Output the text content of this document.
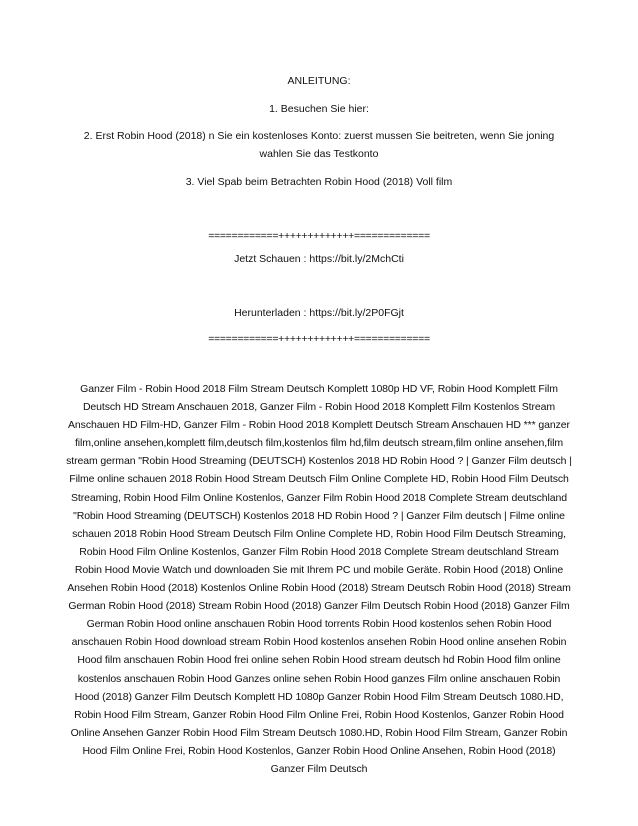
ANLEITUNG:
1. Besuchen Sie hier:
2. Erst Robin Hood (2018) n Sie ein kostenloses Konto: zuerst mussen Sie beitreten, wenn Sie joning wahlen Sie das Testkonto
3. Viel Spab beim Betrachten Robin Hood (2018) Voll film
============+++++++++++++=============
Jetzt Schauen : https://bit.ly/2MchCti
Herunterladen : https://bit.ly/2P0FGjt
============+++++++++++++=============
Ganzer Film - Robin Hood 2018 Film Stream Deutsch Komplett 1080p HD VF, Robin Hood Komplett Film Deutsch HD Stream Anschauen 2018, Ganzer Film - Robin Hood 2018 Komplett Film Kostenlos Stream Anschauen HD Film-HD, Ganzer Film - Robin Hood 2018 Komplett Deutsch Stream Anschauen HD *** ganzer film,online ansehen,komplett film,deutsch film,kostenlos film hd,film deutsch stream,film online ansehen,film stream german "Robin Hood Streaming (DEUTSCH) Kostenlos 2018 HD Robin Hood ? | Ganzer Film deutsch | Filme online schauen 2018 Robin Hood Stream Deutsch Film Online Complete HD, Robin Hood Film Deutsch Streaming, Robin Hood Film Online Kostenlos, Ganzer Film Robin Hood 2018 Complete Stream deutschland "Robin Hood Streaming (DEUTSCH) Kostenlos 2018 HD Robin Hood ? | Ganzer Film deutsch | Filme online schauen 2018 Robin Hood Stream Deutsch Film Online Complete HD, Robin Hood Film Deutsch Streaming, Robin Hood Film Online Kostenlos, Ganzer Film Robin Hood 2018 Complete Stream deutschland Stream Robin Hood Movie Watch und downloaden Sie mit Ihrem PC und mobile Geräte. Robin Hood (2018) Online Ansehen Robin Hood (2018) Kostenlos Online Robin Hood (2018) Stream Deutsch Robin Hood (2018) Stream German Robin Hood (2018) Stream Robin Hood (2018) Ganzer Film Deutsch Robin Hood (2018) Ganzer Film German Robin Hood online anschauen Robin Hood torrents Robin Hood kostenlos sehen Robin Hood anschauen Robin Hood download stream Robin Hood kostenlos ansehen Robin Hood online ansehen Robin Hood film anschauen Robin Hood frei online sehen Robin Hood stream deutsch hd Robin Hood film online kostenlos anschauen Robin Hood Ganzes online sehen Robin Hood ganzes Film online anschauen Robin Hood (2018) Ganzer Film Deutsch Komplett HD 1080p Ganzer Robin Hood Film Stream Deutsch 1080.HD, Robin Hood Film Stream, Ganzer Robin Hood Film Online Frei, Robin Hood Kostenlos, Ganzer Robin Hood Online Ansehen Ganzer Robin Hood Film Stream Deutsch 1080.HD, Robin Hood Film Stream, Ganzer Robin Hood Film Online Frei, Robin Hood Kostenlos, Ganzer Robin Hood Online Ansehen, Robin Hood (2018) Ganzer Film Deutsch
